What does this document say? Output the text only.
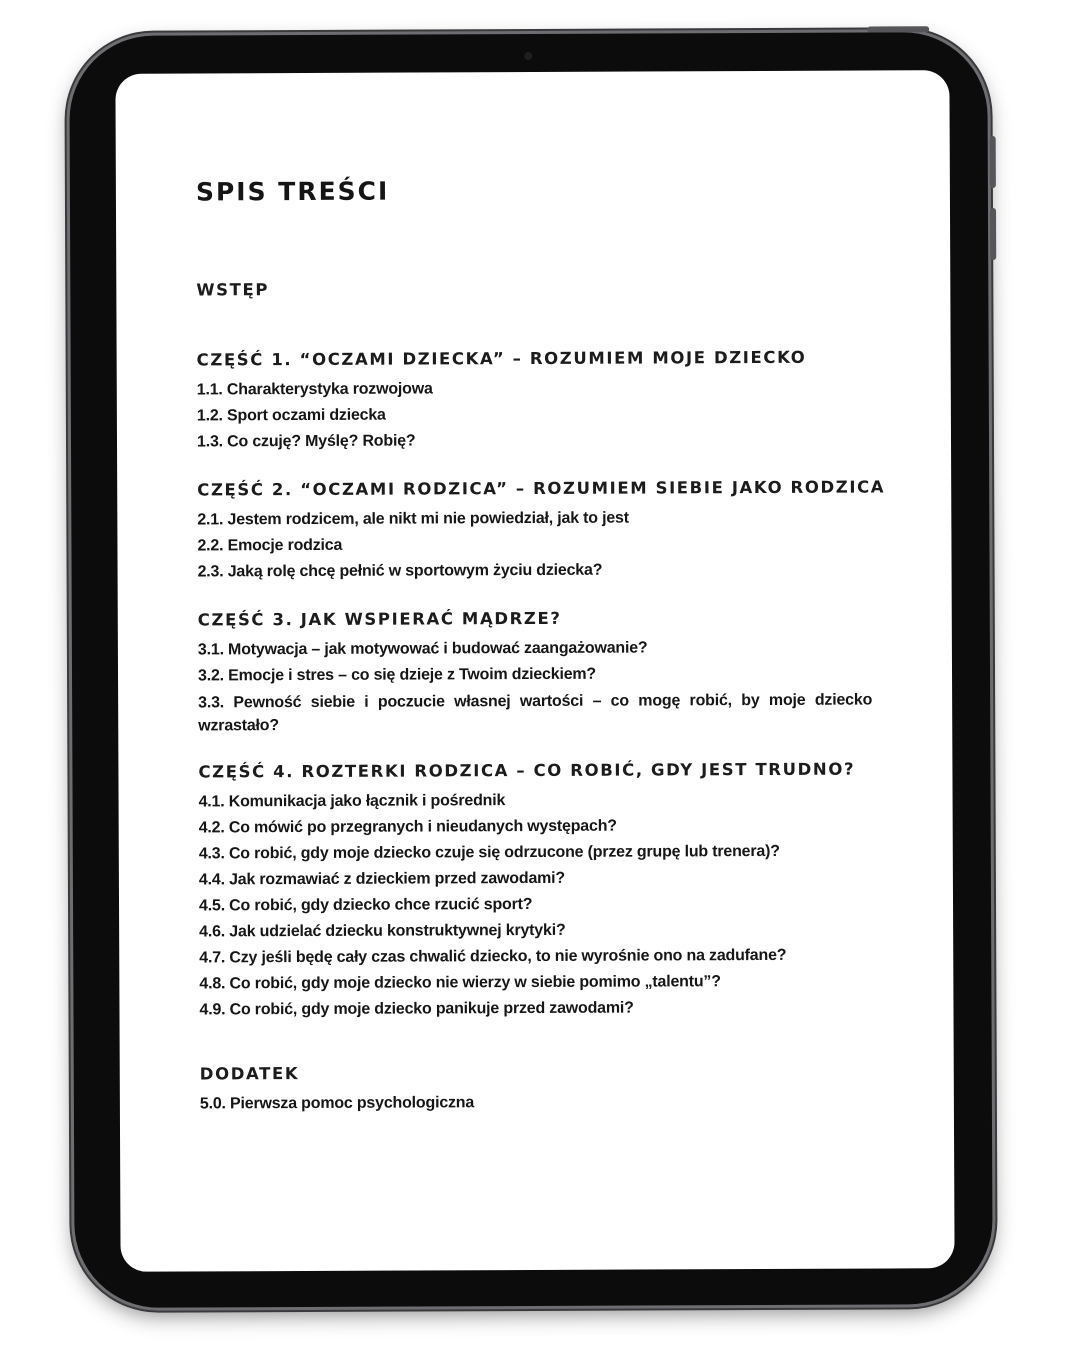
SPIS TREŚCI
WSTĘP
CZĘŚĆ 1. “OCZAMI DZIECKA” – ROZUMIEM MOJE DZIECKO
1.1. Charakterystyka rozwojowa
1.2. Sport oczami dziecka
1.3. Co czuję? Myślę? Robię?
CZĘŚĆ 2. “OCZAMI RODZICA” – ROZUMIEM SIEBIE JAKO RODZICA
2.1. Jestem rodzicem, ale nikt mi nie powiedział, jak to jest
2.2. Emocje rodzica
2.3. Jaką rolę chcę pełnić w sportowym życiu dziecka?
CZĘŚĆ 3. JAK WSPIERAĆ MĄDRZE?
3.1. Motywacja – jak motywować i budować zaangażowanie?
3.2. Emocje i stres – co się dzieje z Twoim dzieckiem?
3.3. Pewność siebie i poczucie własnej wartości – co mogę robić, by moje dziecko wzrastało?
CZĘŚĆ 4. ROZTERKI RODZICA – CO ROBIĆ, GDY JEST TRUDNO?
4.1. Komunikacja jako łącznik i pośrednik
4.2. Co mówić po przegranych i nieudanych występach?
4.3. Co robić, gdy moje dziecko czuje się odrzucone (przez grupę lub trenera)?
4.4. Jak rozmawiać z dzieckiem przed zawodami?
4.5. Co robić, gdy dziecko chce rzucić sport?
4.6. Jak udzielać dziecku konstruktywnej krytyki?
4.7. Czy jeśli będę cały czas chwalić dziecko, to nie wyrośnie ono na zadufane?
4.8. Co robić, gdy moje dziecko nie wierzy w siebie pomimo „talentu”?
4.9. Co robić, gdy moje dziecko panikuje przed zawodami?
DODATEK
5.0. Pierwsza pomoc psychologiczna
